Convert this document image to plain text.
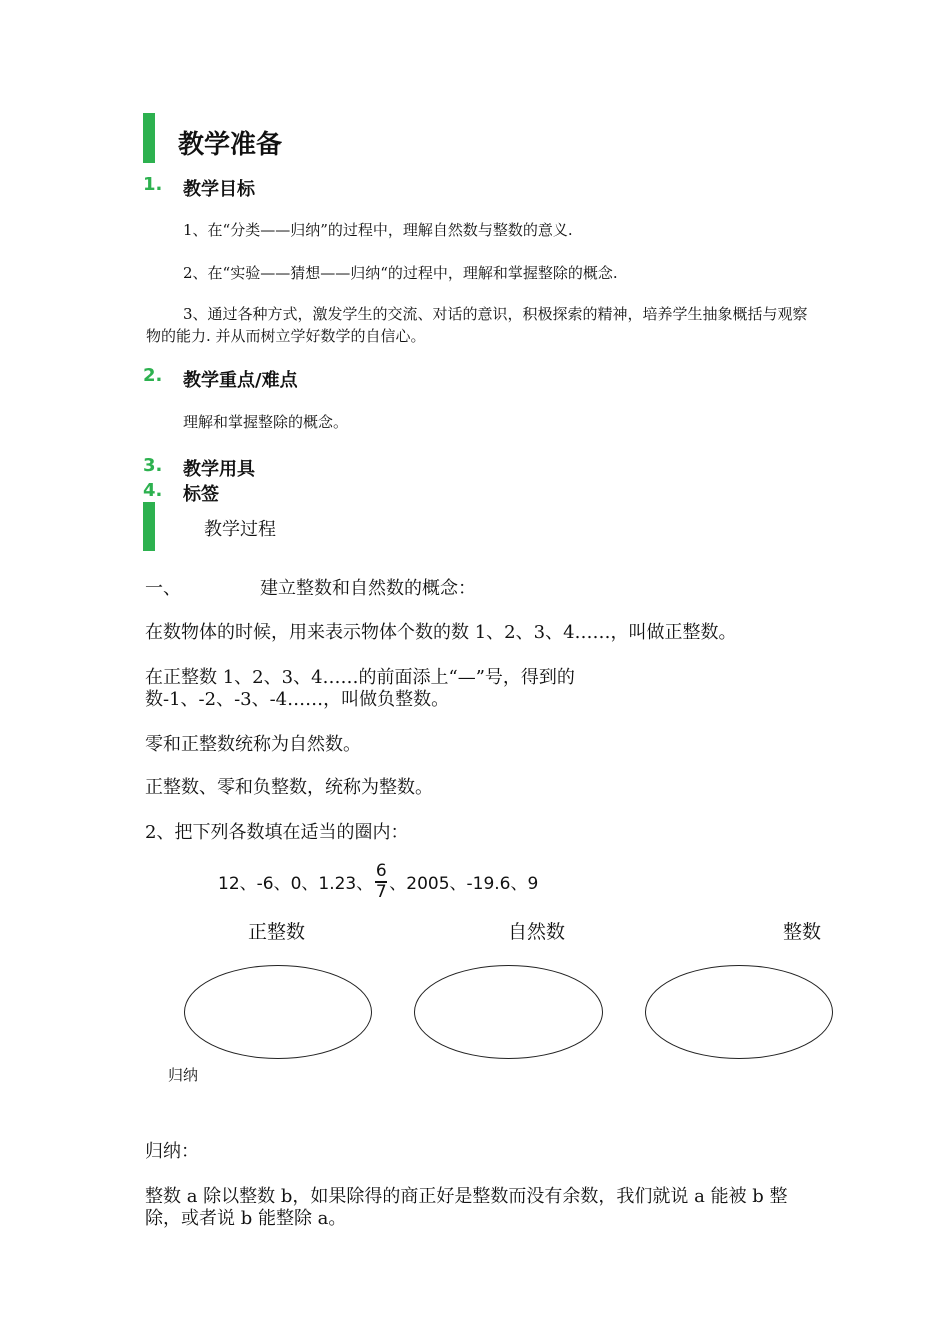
教学准备
1. 教学目标
1、在“分类——归纳”的过程中，理解自然数与整数的意义.
2、在“实验——猜想——归纳“的过程中，理解和掌握整除的概念.
3、通过各种方式，激发学生的交流、对话的意识，积极探索的精神，培养学生抽象概括与观察物的能力. 并从而树立学好数学的自信心。
2. 教学重点/难点
理解和掌握整除的概念。
3. 教学用具
4. 标签
教学过程
一、	建立整数和自然数的概念：
在数物体的时候，用来表示物体个数的数 1、2、3、4……，叫做正整数。
在正整数 1、2、3、4……的前面添上“—”号，得到的数-1、-2、-3、-4……，叫做负整数。
零和正整数统称为自然数。
正整数、零和负整数，统称为整数。
2、把下列各数填在适当的圈内：
12、-6、0、1.23、
6
7 、2005、-19.6、9
正整数	自然数	整数
归纳
归纳：
整数 a 除以整数 b，如果除得的商正好是整数而没有余数，我们就说 a 能被 b 整除，或者说 b 能整除 a。
